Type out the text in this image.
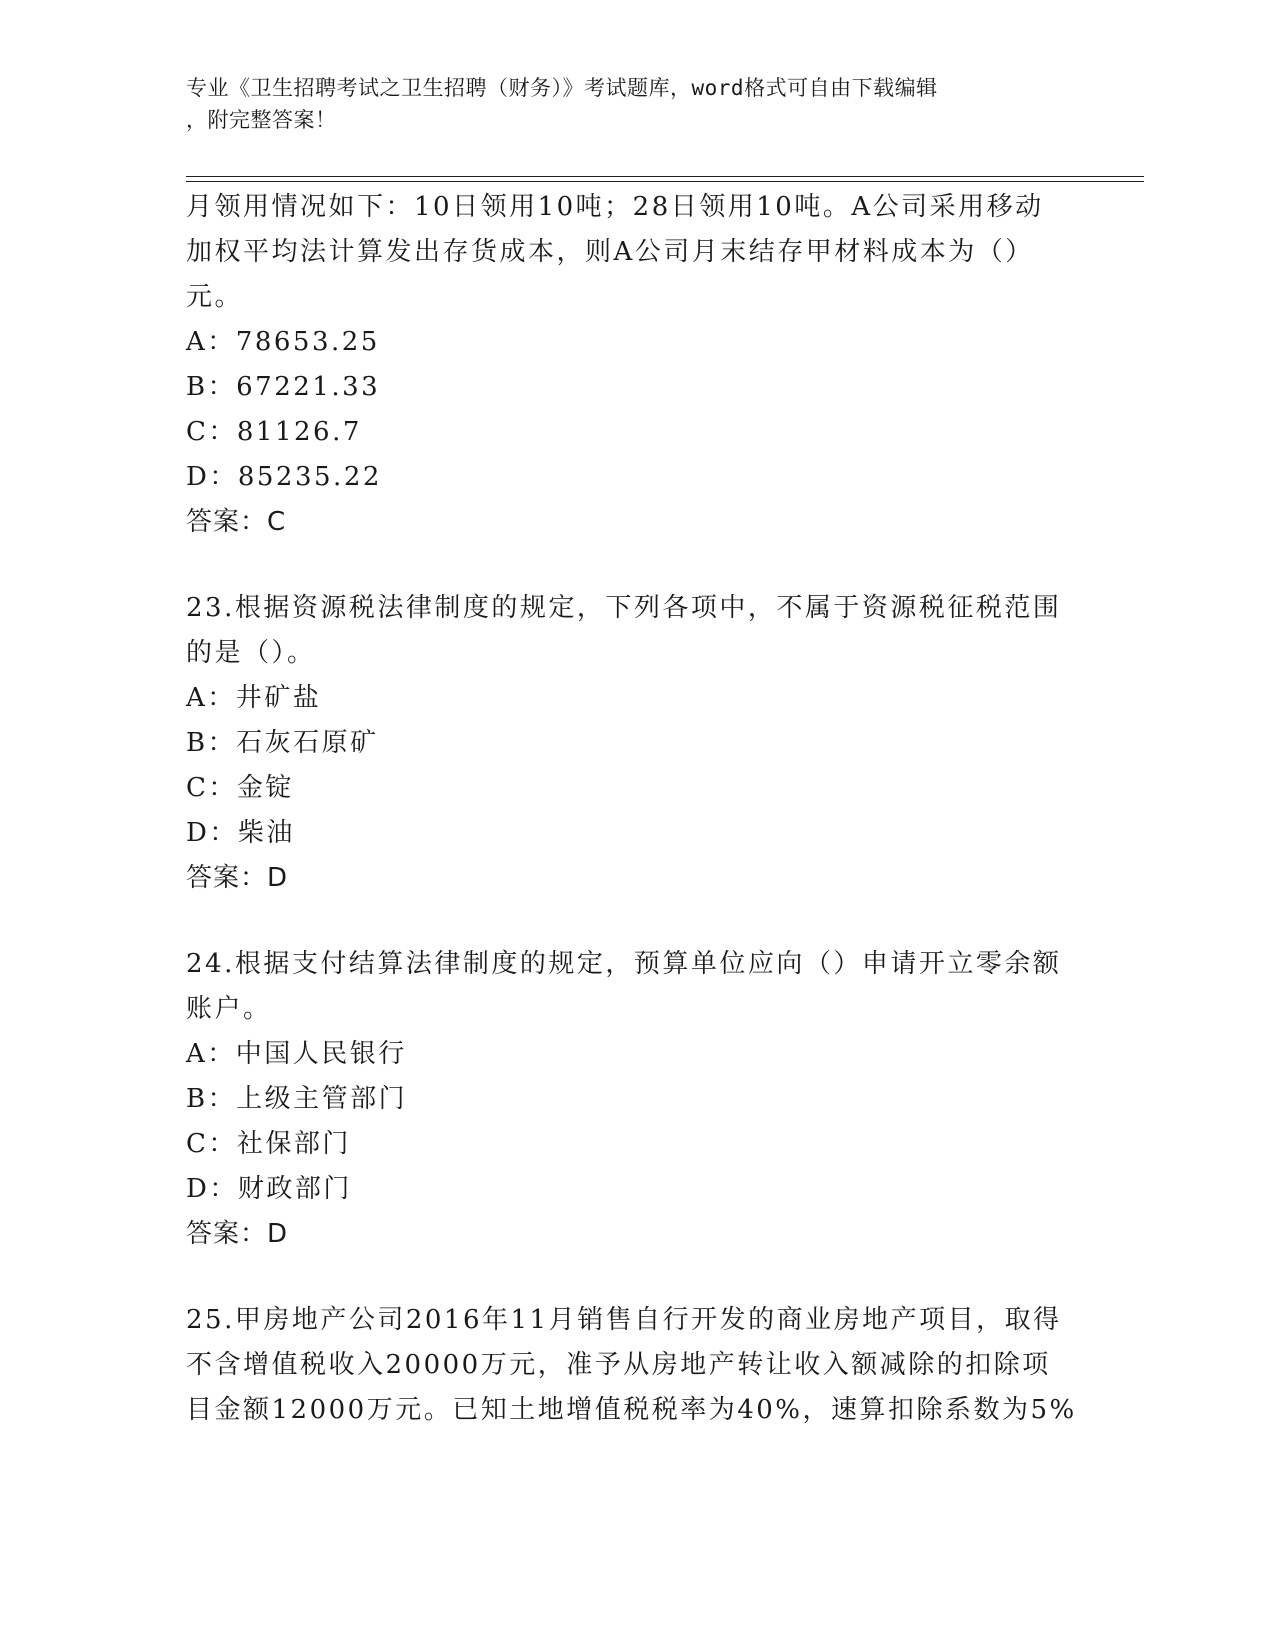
专业《卫生招聘考试之卫生招聘（财务）》考试题库，word格式可自由下载编辑
，附完整答案！
月领用情况如下：10日领用10吨；28日领用10吨。A公司采用移动
加权平均法计算发出存货成本，则A公司月末结存甲材料成本为（）
元。
A：78653.25
B：67221.33
C：81126.7
D：85235.22
答案：C
23.根据资源税法律制度的规定，下列各项中，不属于资源税征税范围
的是（）。
A：井矿盐
B：石灰石原矿
C：金锭
D：柴油
答案：D
24.根据支付结算法律制度的规定，预算单位应向（）申请开立零余额
账户。
A：中国人民银行
B：上级主管部门
C：社保部门
D：财政部门
答案：D
25.甲房地产公司2016年11月销售自行开发的商业房地产项目，取得
不含增值税收入20000万元，准予从房地产转让收入额减除的扣除项
目金额12000万元。已知土地增值税税率为40%，速算扣除系数为5%
